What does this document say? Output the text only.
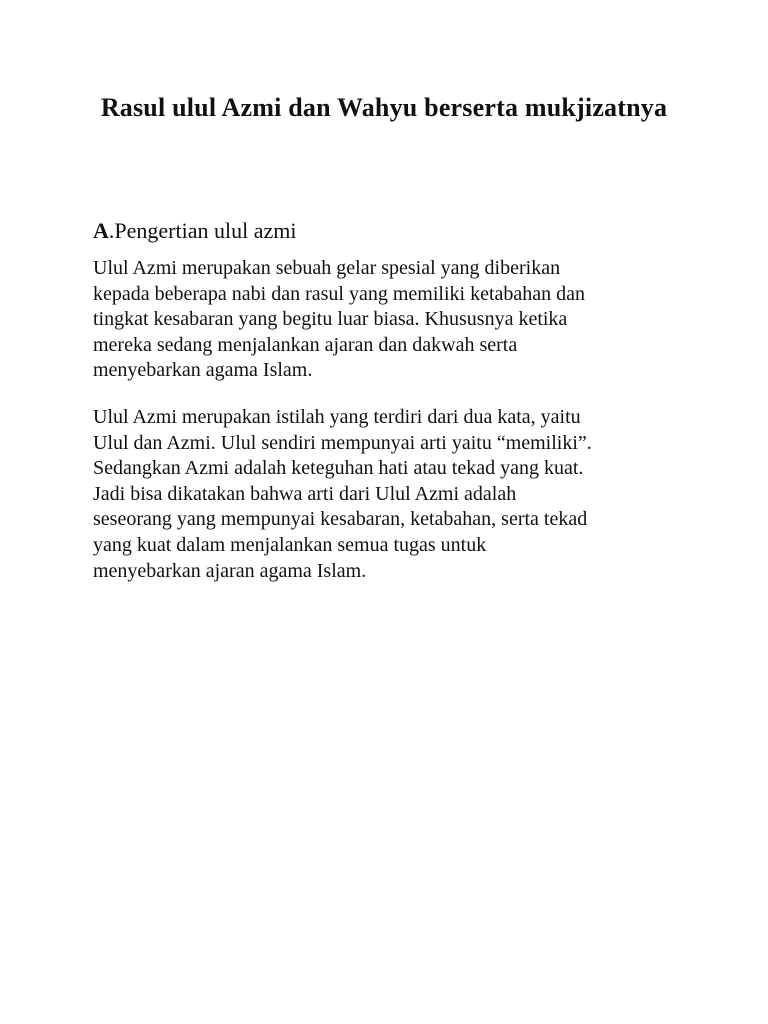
Rasul ulul Azmi dan Wahyu berserta mukjizatnya
A.Pengertian ulul azmi
Ulul Azmi merupakan sebuah gelar spesial yang diberikan
kepada beberapa nabi dan rasul yang memiliki ketabahan dan
tingkat kesabaran yang begitu luar biasa. Khususnya ketika
mereka sedang menjalankan ajaran dan dakwah serta
menyebarkan agama Islam.
Ulul Azmi merupakan istilah yang terdiri dari dua kata, yaitu
Ulul dan Azmi. Ulul sendiri mempunyai arti yaitu “memiliki”.
Sedangkan Azmi adalah keteguhan hati atau tekad yang kuat.
Jadi bisa dikatakan bahwa arti dari Ulul Azmi adalah
seseorang yang mempunyai kesabaran, ketabahan, serta tekad
yang kuat dalam menjalankan semua tugas untuk
menyebarkan ajaran agama Islam.
